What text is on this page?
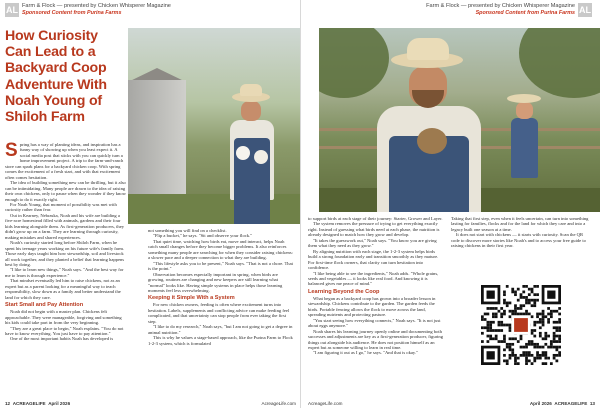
AL Farm & Flock — presented by Chicken Whisperer Magazine
Sponsored Content from Purina Farms
How Curiosity Can Lead to a Backyard Coop Adventure With Noah Young of Shiloh Farm
S pring has a way of planting ideas, and inspiration has a funny way of showing up when you least expect it. A social media post that sticks with you can quickly turn a home improvement project. A trip to the farm-and-ranch store can spark plans for a backyard chicken coop. With spring comes the excitement of a fresh start, and with that excitement often comes hesitation.

The idea of building something new can be thrilling, but it also can be intimidating. Many people are drawn to the idea of raising their own chickens, only to pause when they wonder if they know enough to do it exactly right.

For Noah Young, that moment of possibility was met with curiosity rather than fear.

Out in Kearney, Nebraska, Noah and his wife are building a five-acre homestead filled with animals, gardens and their four kids learning alongside them. As first-generation producers, they didn't grow up on a farm. They are learning through curiosity, making mistakes and shared experiences.

Noah's curiosity started long before Shiloh Farm, when he spent his teenage years working on his future wife's family farm. Those early days taught him how stewardship, soil and livestock all work together, and they planted a belief that learning happens best by doing.

"I like to learn new things," Noah says. "And the best way for me to learn is through experience."

That mindset eventually led him to raise chickens, not as an expert but as a parent looking for a meaningful way to teach responsibility, slow down as a family and better understand the land for which they care.

Start Small and Pay Attention

Noah did not begin with a master plan. Chickens felt approachable. They were manageable, forgiving and something his kids could take part in from the very beginning.

"They are a great place to begin," Noah explains. "You do not have to know everything. You just have to pay attention."

One of the most important habits Noah has developed is

not something you will find on a checklist.

"Flip a bucket," he says. "Sit and observe your flock."

That quiet time, watching how birds eat, move and interact, helps Noah catch small changes before they become bigger problems. It also reinforces something many people are searching for when they consider raising chickens: a slower pace and a deeper connection to what they are building.

"This lifestyle asks you to be present," Noah says. "That is not a chore. That is the point."

Observation becomes especially important in spring, when birds are growing, routines are changing and new keepers are still learning what "normal" looks like. Having simple systems in place helps those learning moments feel less overwhelming.

Keeping it Simple With a System

For new chicken owners, feeding is often where excitement turns into hesitation. Labels, supplements and conflicting advice can make feeding feel complicated, and that uncertainty can stop people from ever taking the first step.

"I like to do my research," Noah says, "but I am not going to get a degree in animal nutrition."

This is why he values a stage-based approach, like the Purina Farm to Flock 1-2-3 system, which is formulated

12 ACREAGELIFE April 2026	AcreageLife.com
Farm & Flock — presented by Chicken Whisperer Magazine
Sponsored Content from Purina Farms AL

to support birds at each stage of their journey: Starter, Grower and Layer.

The system removes the pressure of trying to get everything exactly right. Instead of guessing what birds need at each phase, the nutrition is already designed to match how they grow and develop.

"It takes the guesswork out," Noah says. "You know you are giving them what they need as they grow."

By aligning nutrition with each stage, the 1-2-3 system helps birds build a strong foundation early and transition smoothly as they mature. For first-time flock owners, that clarity can turn hesitation into confidence.

"I like being able to see the ingredients," Noah adds. "Whole grains, seeds and vegetables — it looks like real food. And knowing it is balanced gives me peace of mind."

Learning Beyond the Coop

What began as a backyard coop has grown into a broader lesson in stewardship. Chickens contribute to the garden. The garden feeds the birds. Portable fencing allows the flock to move across the land, spreading nutrients and protecting pasture.

"You start seeing how everything connects," Noah says. "It is not just about eggs anymore."

Noah shares his learning journey openly online and documenting both successes and adjustments are key as a first-generation producer, figuring things out alongside his audience. He does not position himself as an expert but as someone willing to learn in real time.

"I am figuring it out as I go," he says. "And that is okay."

Taking that first step, even when it feels uncertain, can turn into something lasting for families, flocks and for the land for which they care and into a legacy built one season at a time.

It does not start with chickens — it starts with curiosity. Scan the QR code to discover more stories like Noah's and to access your free guide to raising chickens in their first year.

AcreageLife.com	April 2026 ACREAGELIFE 13
